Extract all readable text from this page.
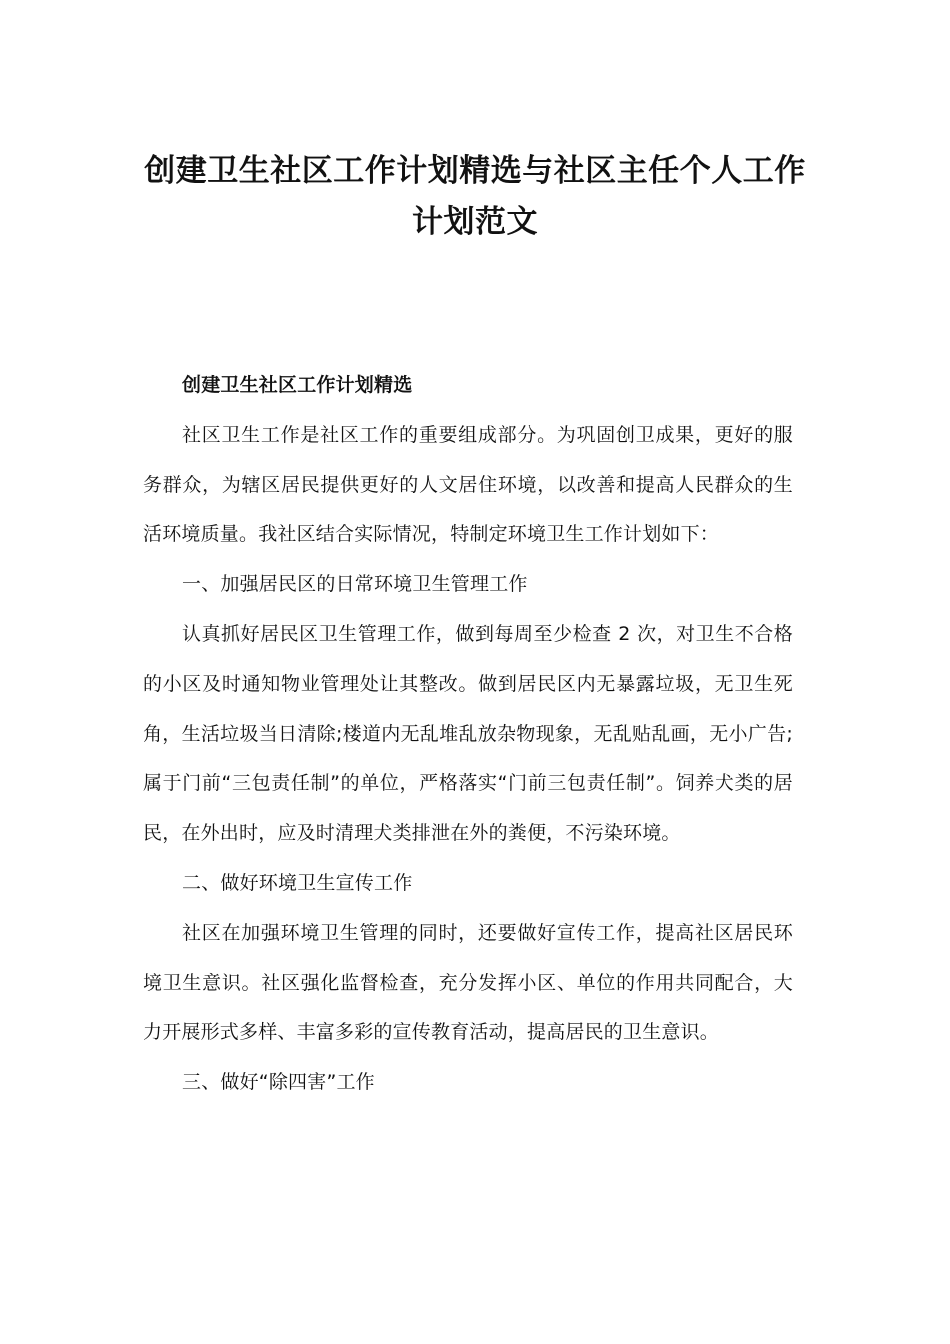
创建卫生社区工作计划精选与社区主任个人工作计划范文

创建卫生社区工作计划精选

社区卫生工作是社区工作的重要组成部分。为巩固创卫成果，更好的服务群众，为辖区居民提供更好的人文居住环境，以改善和提高人民群众的生活环境质量。我社区结合实际情况，特制定环境卫生工作计划如下：

一、加强居民区的日常环境卫生管理工作

认真抓好居民区卫生管理工作，做到每周至少检查 2 次，对卫生不合格的小区及时通知物业管理处让其整改。做到居民区内无暴露垃圾，无卫生死角，生活垃圾当日清除;楼道内无乱堆乱放杂物现象，无乱贴乱画，无小广告;属于门前“三包责任制”的单位，严格落实“门前三包责任制”。饲养犬类的居民，在外出时，应及时清理犬类排泄在外的粪便，不污染环境。

二、做好环境卫生宣传工作

社区在加强环境卫生管理的同时，还要做好宣传工作，提高社区居民环境卫生意识。社区强化监督检查，充分发挥小区、单位的作用共同配合，大力开展形式多样、丰富多彩的宣传教育活动，提高居民的卫生意识。

三、做好“除四害”工作
